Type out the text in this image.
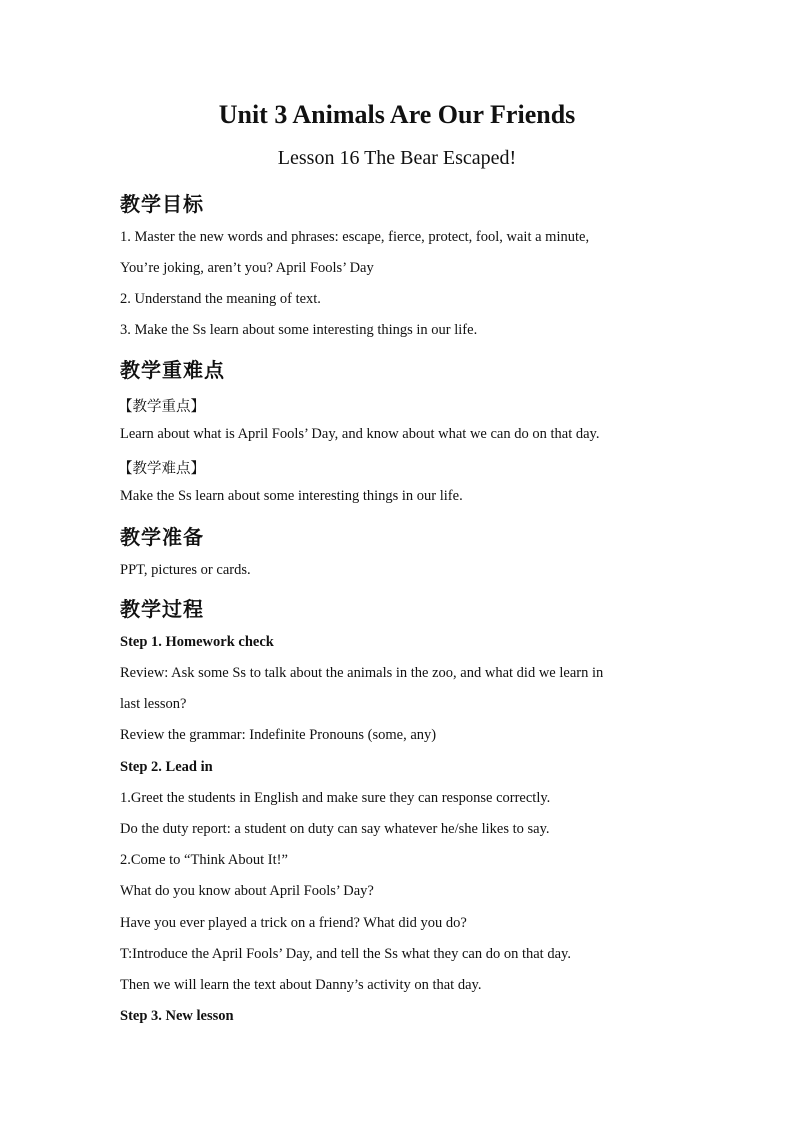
Unit 3 Animals Are Our Friends
Lesson 16 The Bear Escaped!
教学目标
1. Master the new words and phrases: escape, fierce, protect, fool, wait a minute,
You’re joking, aren’t you? April Fools’ Day
2. Understand the meaning of text.
3. Make the Ss learn about some interesting things in our life.
教学重难点
【教学重点】
Learn about what is April Fools’ Day, and know about what we can do on that day.
【教学难点】
Make the Ss learn about some interesting things in our life.
教学准备
PPT, pictures or cards.
教学过程
Step 1. Homework check
Review: Ask some Ss to talk about the animals in the zoo, and what did we learn in
last lesson?
Review the grammar: Indefinite Pronouns (some, any)
Step 2. Lead in
1.Greet the students in English and make sure they can response correctly.
Do the duty report: a student on duty can say whatever he/she likes to say.
2.Come to “Think About It!”
What do you know about April Fools’ Day?
Have you ever played a trick on a friend? What did you do?
T:Introduce the April Fools’ Day, and tell the Ss what they can do on that day.
Then we will learn the text about Danny’s activity on that day.
Step 3. New lesson
